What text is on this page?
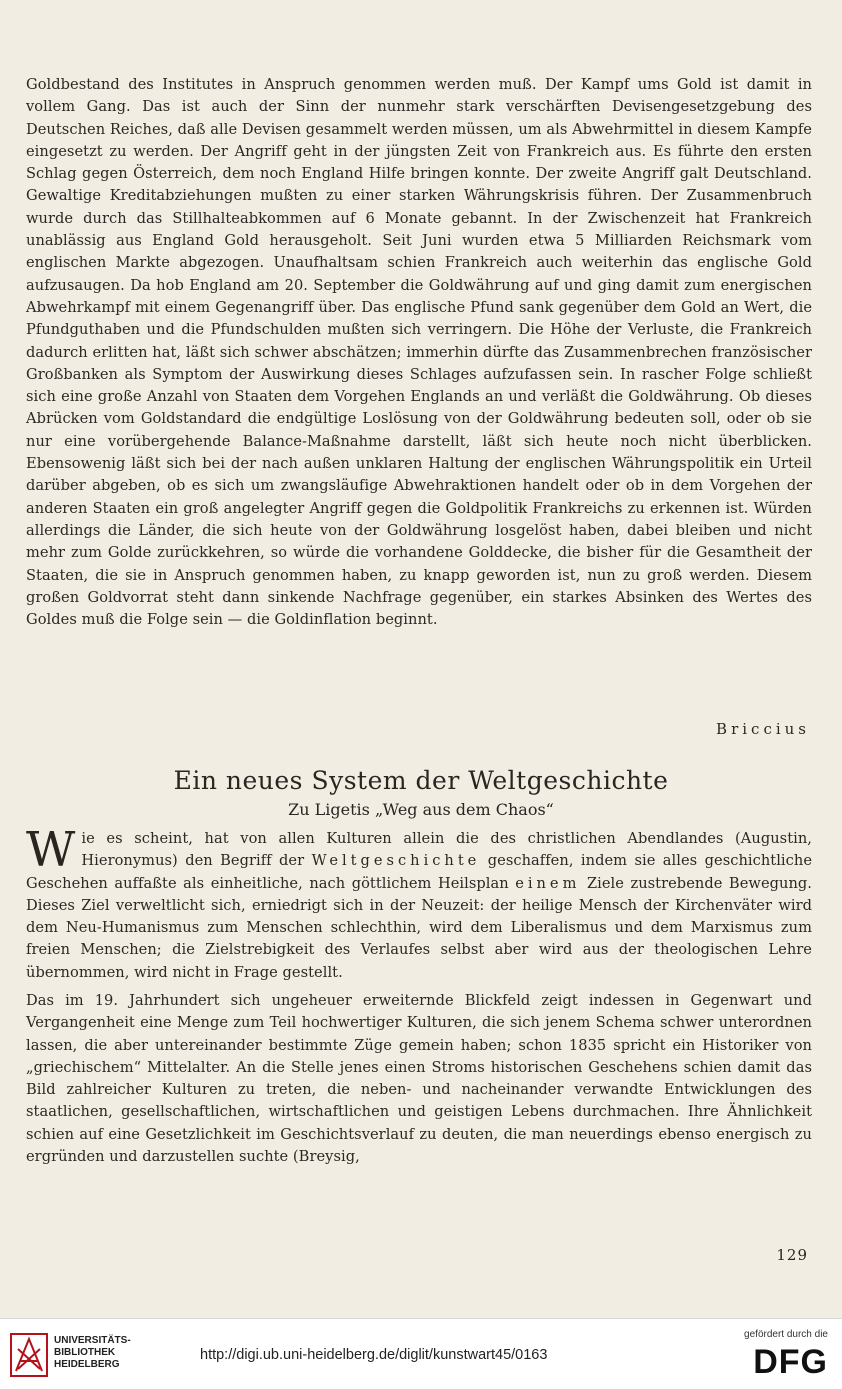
Goldbestand des Institutes in Anspruch genommen werden muß. Der Kampf ums Gold ist damit in vollem Gang. Das ist auch der Sinn der nunmehr stark verschärften Devisengesetzgebung des Deutschen Reiches, daß alle Devisen gesammelt werden müssen, um als Abwehrmittel in diesem Kampfe eingesetzt zu werden. Der Angriff geht in der jüngsten Zeit von Frankreich aus. Es führte den ersten Schlag gegen Österreich, dem noch England Hilfe bringen konnte. Der zweite Angriff galt Deutschland. Gewaltige Kreditabziehungen mußten zu einer starken Währungskrisis führen. Der Zusammenbruch wurde durch das Stillhalteabkommen auf 6 Monate gebannt. In der Zwischenzeit hat Frankreich unablässig aus England Gold herausgeholt. Seit Juni wurden etwa 5 Milliarden Reichsmark vom englischen Markte abgezogen. Unaufhaltsam schien Frankreich auch weiterhin das englische Gold aufzusaugen. Da hob England am 20. September die Goldwährung auf und ging damit zum energischen Abwehrkampf mit einem Gegenangriff über. Das englische Pfund sank gegenüber dem Gold an Wert, die Pfundguthaben und die Pfundschulden mußten sich verringern. Die Höhe der Verluste, die Frankreich dadurch erlitten hat, läßt sich schwer abschätzen; immerhin dürfte das Zusammenbrechen französischer Großbanken als Symptom der Auswirkung dieses Schlages aufzufassen sein. In rascher Folge schließt sich eine große Anzahl von Staaten dem Vorgehen Englands an und verläßt die Goldwährung. Ob dieses Abrücken vom Goldstandard die endgültige Loslösung von der Goldwährung bedeuten soll, oder ob sie nur eine vorübergehende Balance-Maßnahme darstellt, läßt sich heute noch nicht überblicken. Ebensowenig läßt sich bei der nach außen unklaren Haltung der englischen Währungspolitik ein Urteil darüber abgeben, ob es sich um zwangsläufige Abwehraktionen handelt oder ob in dem Vorgehen der anderen Staaten ein groß angelegter Angriff gegen die Goldpolitik Frankreichs zu erkennen ist. Würden allerdings die Länder, die sich heute von der Goldwährung losgelöst haben, dabei bleiben und nicht mehr zum Golde zurückkehren, so würde die vorhandene Golddecke, die bisher für die Gesamtheit der Staaten, die sie in Anspruch genommen haben, zu knapp geworden ist, nun zu groß werden. Diesem großen Goldvorrat steht dann sinkende Nachfrage gegenüber, ein starkes Absinken des Wertes des Goldes muß die Folge sein — die Goldinflation beginnt.

Briccius
Ein neues System der Weltgeschichte
Zu Ligetis „Weg aus dem Chaos“
Wie es scheint, hat von allen Kulturen allein die des christlichen Abendlandes (Augustin, Hieronymus) den Begriff der Weltgeschichte geschaffen, indem sie alles geschichtliche Geschehen auffaßte als einheitliche, nach göttlichem Heilsplan einem Ziele zustrebende Bewegung. Dieses Ziel verweltlicht sich, erniedrigt sich in der Neuzeit: der heilige Mensch der Kirchenväter wird dem Neu-Humanismus zum Menschen schlechthin, wird dem Liberalismus und dem Marxismus zum freien Menschen; die Zielstrebigkeit des Verlaufes selbst aber wird aus der theologischen Lehre übernommen, wird nicht in Frage gestellt.

Das im 19. Jahrhundert sich ungeheuer erweiternde Blickfeld zeigt indessen in Gegenwart und Vergangenheit eine Menge zum Teil hochwertiger Kulturen, die sich jenem Schema schwer unterordnen lassen, die aber untereinander bestimmte Züge gemein haben; schon 1835 spricht ein Historiker von „griechischem“ Mittelalter. An die Stelle jenes einen Stroms historischen Geschehens schien damit das Bild zahlreicher Kulturen zu treten, die neben- und nacheinander verwandte Entwicklungen des staatlichen, gesellschaftlichen, wirtschaftlichen und geistigen Lebens durchmachen. Ihre Ähnlichkeit schien auf eine Gesetzlichkeit im Geschichtsverlauf zu deuten, die man neuerdings ebenso energisch zu ergründen und darzustellen suchte (Breysig,

129
UNIVERSITÄTS-
BIBLIOTHEK
HEIDELBERG
http://digi.ub.uni-heidelberg.de/diglit/kunstwart45/0163
gefördert durch die
DFG
